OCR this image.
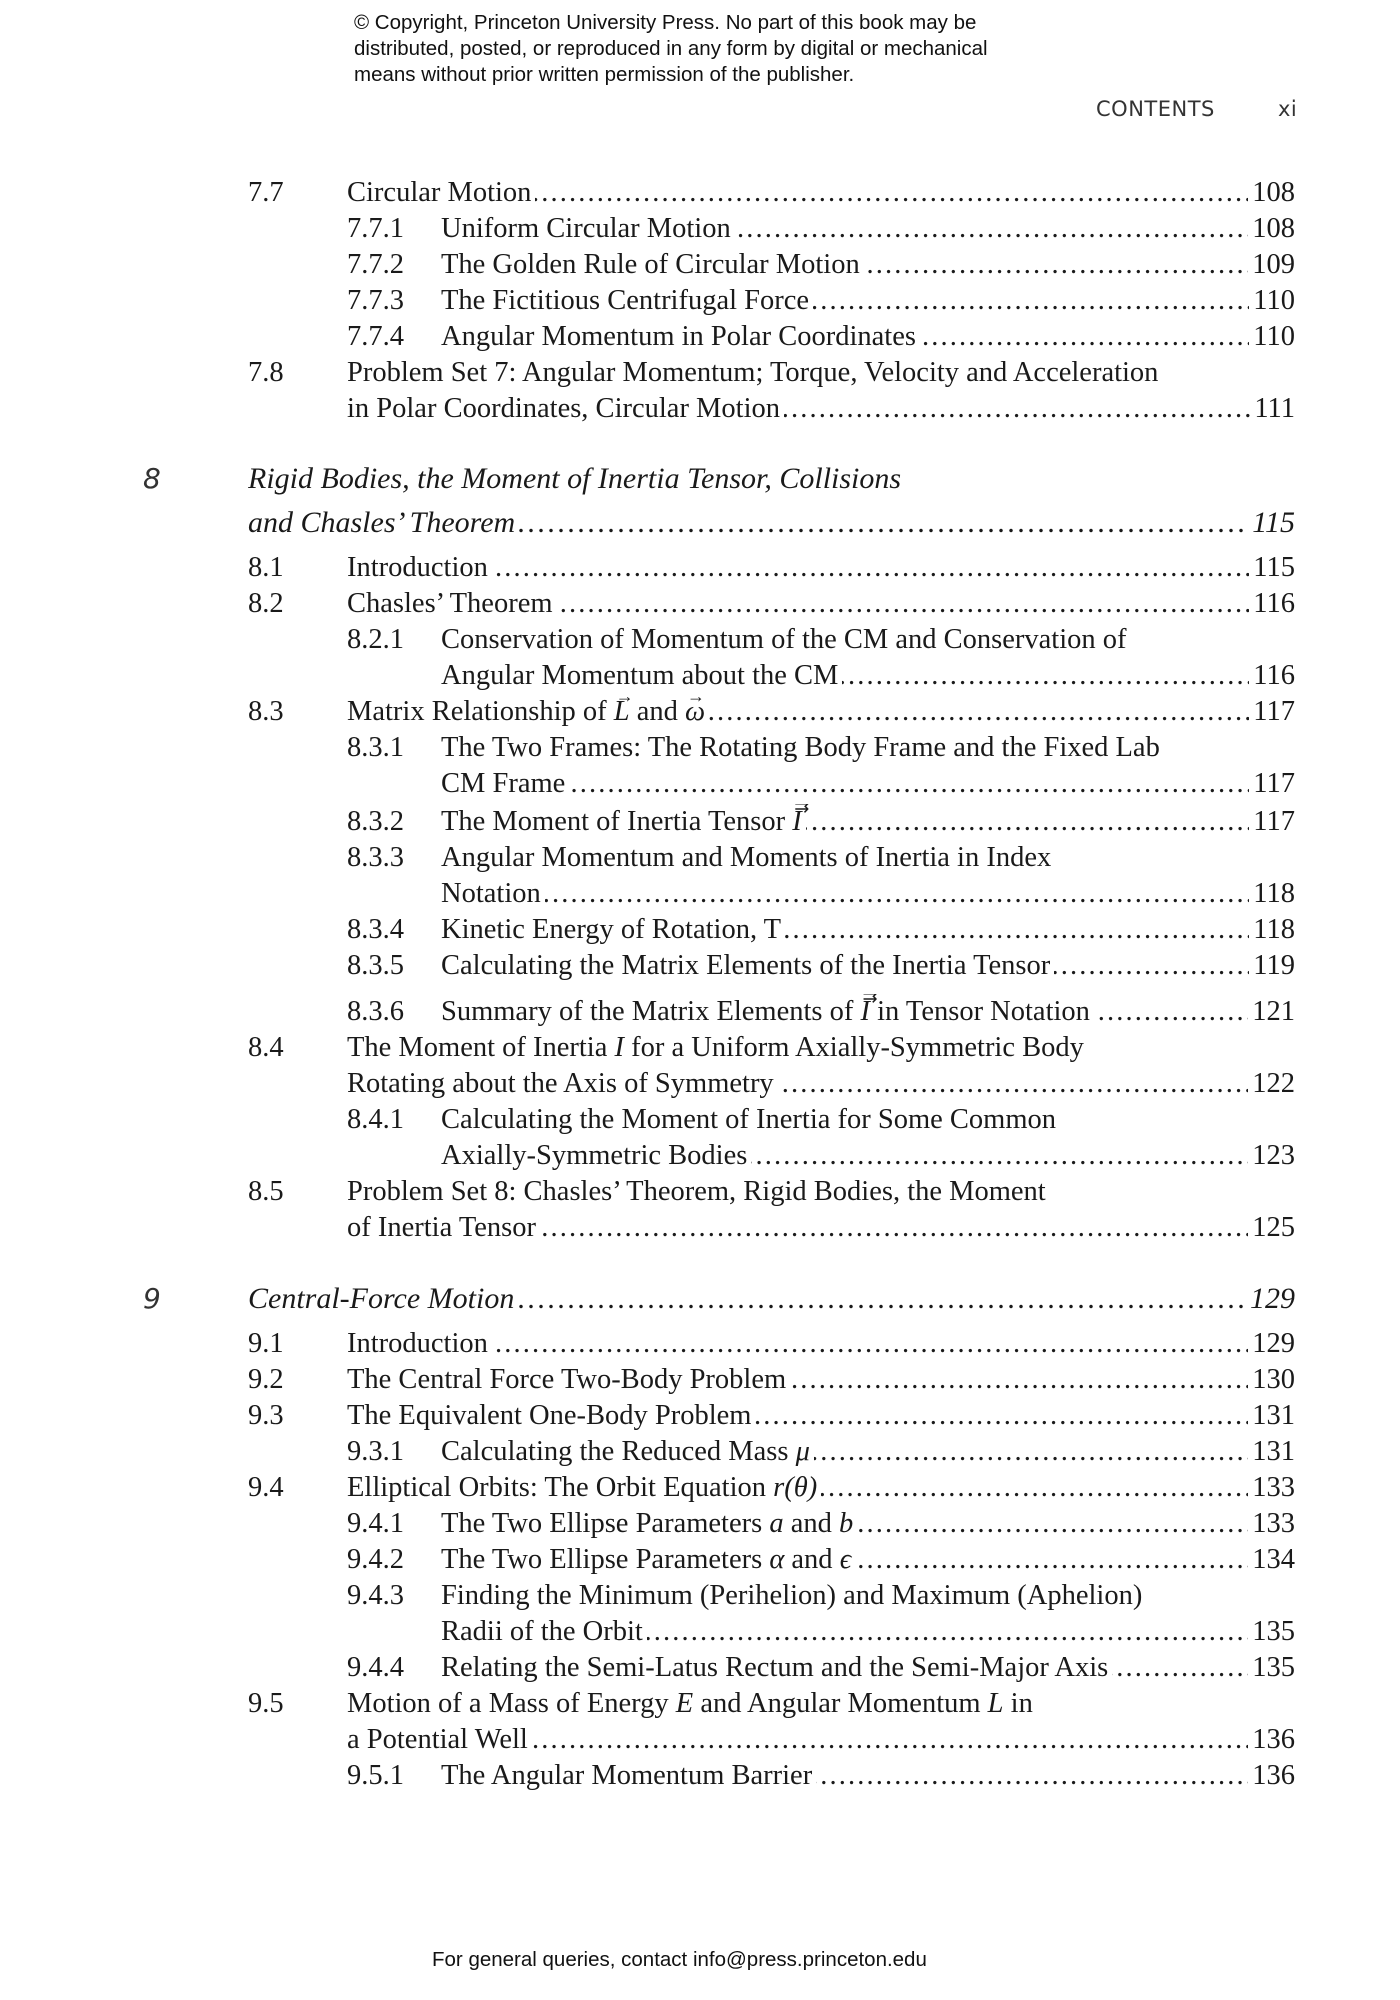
© Copyright, Princeton University Press. No part of this book may be
distributed, posted, or reproduced in any form by digital or mechanical
means without prior written permission of the publisher.
CONTENTS	xi
7.7 Circular Motion . . .	108
7.7.1 Uniform Circular Motion . . .	108
7.7.2 The Golden Rule of Circular Motion . . .	109
7.7.3 The Fictitious Centrifugal Force . . .	110
7.7.4 Angular Momentum in Polar Coordinates . . .	110
7.8 Problem Set 7: Angular Momentum; Torque, Velocity and Acceleration
in Polar Coordinates, Circular Motion . . .	111
8	Rigid Bodies, the Moment of Inertia Tensor, Collisions
and Chasles’ Theorem . . .	115
8.1 Introduction . . .	115
8.2 Chasles’ Theorem . . .	116
8.2.1 Conservation of Momentum of the CM and Conservation of
Angular Momentum about the CM . . .	116
8.3 Matrix Relationship of → L and → ω . . .	117
8.3.1 The Two Frames: The Rotating Body Frame and the Fixed Lab
CM Frame . . .	117
8.3.2 The Moment of Inertia Tensor ⇉ I . . .	117
8.3.3 Angular Momentum and Moments of Inertia in Index
Notation . . .	118
8.3.4 Kinetic Energy of Rotation, T . . .	118
8.3.5 Calculating the Matrix Elements of the Inertia Tensor . . .	119
8.3.6 Summary of the Matrix Elements of ⇉ I in Tensor Notation . . .	121
8.4 The Moment of Inertia I for a Uniform Axially-Symmetric Body
Rotating about the Axis of Symmetry . . .	122
8.4.1 Calculating the Moment of Inertia for Some Common
Axially-Symmetric Bodies . . .	123
8.5 Problem Set 8: Chasles’ Theorem, Rigid Bodies, the Moment
of Inertia Tensor . . .	125
9	Central-Force Motion . . .	129
9.1 Introduction . . .	129
9.2 The Central Force Two-Body Problem . . .	130
9.3 The Equivalent One-Body Problem . . .	131
9.3.1 Calculating the Reduced Mass μ . . .	131
9.4 Elliptical Orbits: The Orbit Equation r(θ) . . .	133
9.4.1 The Two Ellipse Parameters a and b . . .	133
9.4.2 The Two Ellipse Parameters α and ϵ . . .	134
9.4.3 Finding the Minimum (Perihelion) and Maximum (Aphelion)
Radii of the Orbit . . .	135
9.4.4 Relating the Semi-Latus Rectum and the Semi-Major Axis . . .	135
9.5 Motion of a Mass of Energy E and Angular Momentum L in
a Potential Well . . .	136
9.5.1 The Angular Momentum Barrier . . .	136
For general queries, contact info@press.princeton.edu
